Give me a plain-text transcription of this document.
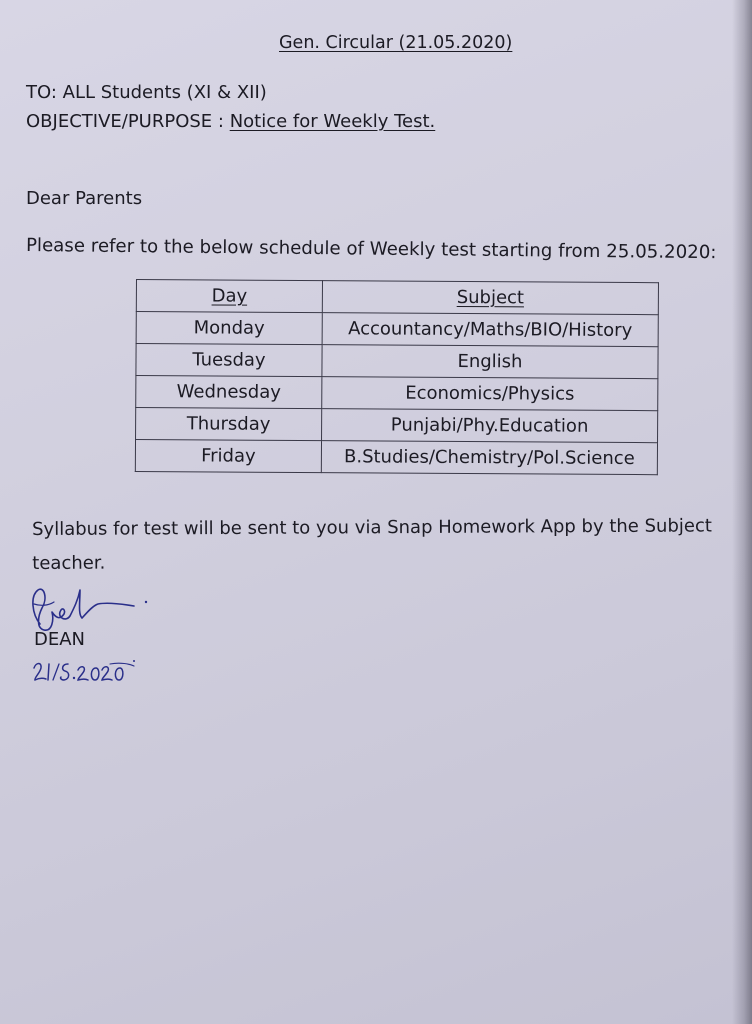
Gen. Circular (21.05.2020)
TO: ALL Students (XI & XII)
OBJECTIVE/PURPOSE : Notice for Weekly Test.
Dear Parents
Please refer to the below schedule of Weekly test starting from 25.05.2020:
Day	Subject
Monday	Accountancy/Maths/BIO/History
Tuesday	English
Wednesday	Economics/Physics
Thursday	Punjabi/Phy.Education
Friday	B.Studies/Chemistry/Pol.Science
Syllabus for test will be sent to you via Snap Homework App by the Subject
teacher.
DEAN
